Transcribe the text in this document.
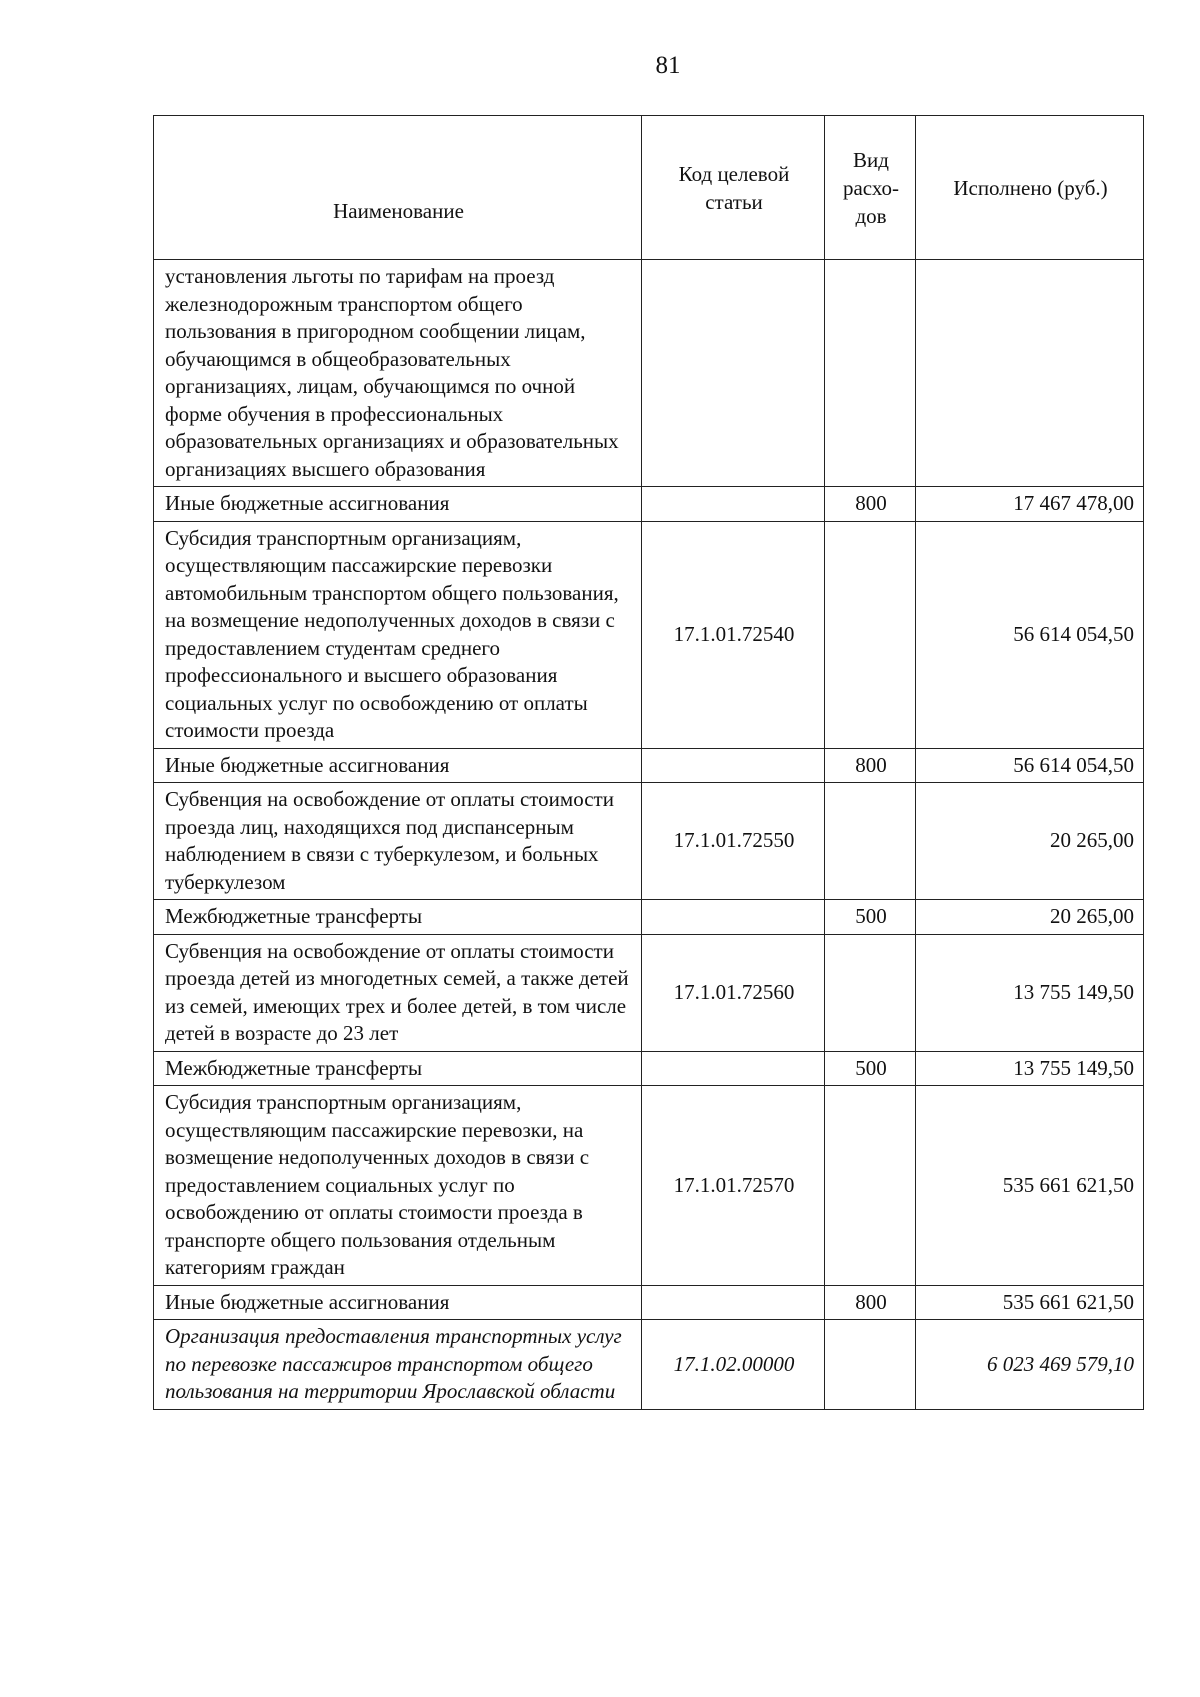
81
Наименование	Код целевой статьи	Вид расхо- дов	Исполнено (руб.)
установления льготы по тарифам на проезд железнодорожным транспортом общего пользования в пригородном сообщении лицам, обучающимся в общеобразовательных организациях, лицам, обучающимся по очной форме обучения в профессиональных образовательных организациях и образовательных организациях высшего образования			
Иные бюджетные ассигнования		800	17 467 478,00
Субсидия транспортным организациям, осуществляющим пассажирские перевозки автомобильным транспортом общего пользования, на возмещение недополученных доходов в связи с предоставлением студентам среднего профессионального и высшего образования социальных услуг по освобождению от оплаты стоимости проезда	17.1.01.72540		56 614 054,50
Иные бюджетные ассигнования		800	56 614 054,50
Субвенция на освобождение от оплаты стоимости проезда лиц, находящихся под диспансерным наблюдением в связи с туберкулезом, и больных туберкулезом	17.1.01.72550		20 265,00
Межбюджетные трансферты		500	20 265,00
Субвенция на освобождение от оплаты стоимости проезда детей из многодетных семей, а также детей из семей, имеющих трех и более детей, в том числе детей в возрасте до 23 лет	17.1.01.72560		13 755 149,50
Межбюджетные трансферты		500	13 755 149,50
Субсидия транспортным организациям, осуществляющим пассажирские перевозки, на возмещение недополученных доходов в связи с предоставлением социальных услуг по освобождению от оплаты стоимости проезда в транспорте общего пользования отдельным категориям граждан	17.1.01.72570		535 661 621,50
Иные бюджетные ассигнования		800	535 661 621,50
Организация предоставления транспортных услуг по перевозке пассажиров транспортом общего пользования на территории Ярославской области	17.1.02.00000		6 023 469 579,10
